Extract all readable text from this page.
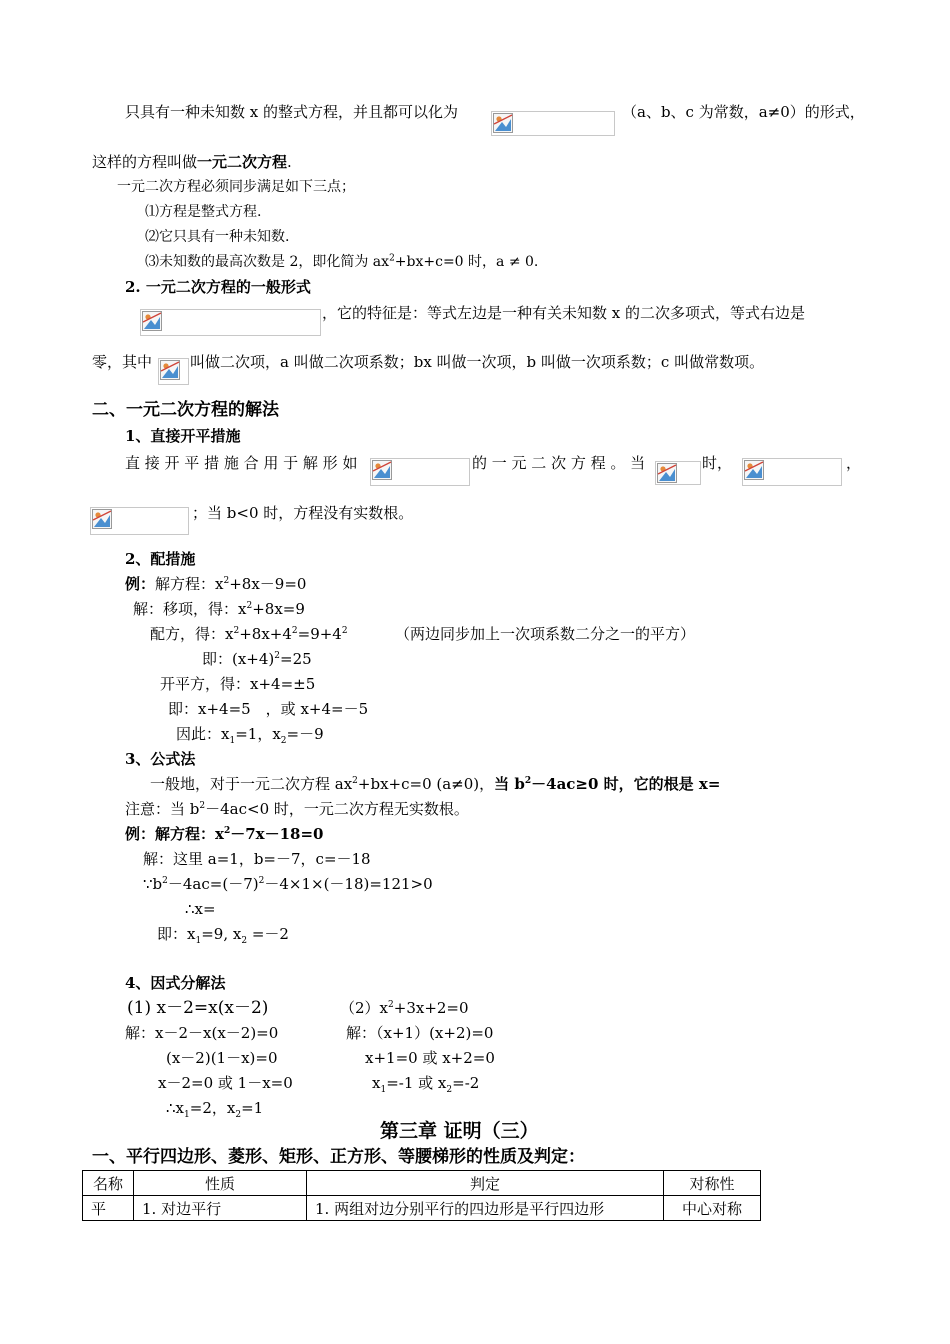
只具有一种未知数 x 的整式方程，并且都可以化为	（a、b、c 为常数，a≠0）的形式，
这样的方程叫做一元二次方程.
一元二次方程必须同步满足如下三点；
⑴方程是整式方程.
⑵它只具有一种未知数.
⑶未知数的最高次数是 2，即化简为 $ax^2+bx+c=0$ 时，a ≠ 0.
2. 一元二次方程的一般形式
，它的特征是：等式左边是一种有关未知数 x 的二次多项式，等式右边是
零，其中	叫做二次项，a 叫做二次项系数；bx 叫做一次项，b 叫做一次项系数；c 叫做常数项。
二、一元二次方程的解法
1、直接开平措施
直 接 开 平 措 施 合 用 于 解 形 如	的 一 元 二 次 方 程 。 当	时，	，
；当 b<0 时，方程没有实数根。
2、配措施
例：解方程：$x^2+8x-9=0$
解：移项，得：$x^2+8x=9$
配方，得：$x^2+8x+4^2=9+4^2$	（两边同步加上一次项系数二分之一的平方）
即：$(x+4)^2=25$
开平方，得：x+4=±5
即：x+4=5　，或 x+4=－5
因此：$x_1=1$，$x_2=-9$
3、公式法
一般地，对于一元二次方程 $ax^2+bx+c=0$ (a≠0)，当 $b^2-4ac\ge 0$ 时，它的根是 x=
注意：当 $b^2-4ac<0$ 时，一元二次方程无实数根。
例：解方程：$x^2-7x-18=0$
解：这里 a=1，b=－7，c=－18
$\because b^2-4ac=(-7)^2-4\times 1\times(-18)=121>0$
∴x=
即：$x_1=9$, $x_2 =-2$
4、因式分解法
(1) x－2=x(x－2)
解：x－2－x(x－2)=0
(x－2)(1－x)=0
x－2=0 或 1－x=0
$\therefore x_1=2$，$x_2=1$
$(2)x^2+3x+2=0$
解：（x+1）(x+2)=0
x+1=0 或 x+2=0
$x_1=-1$ 或 $x_2=-2$
第三章 证明（三）
一、平行四边形、菱形、矩形、正方形、等腰梯形的性质及判定：
名称	性质	判定	对称性
平	1. 对边平行	1. 两组对边分别平行的四边形是平行四边形	中心对称
